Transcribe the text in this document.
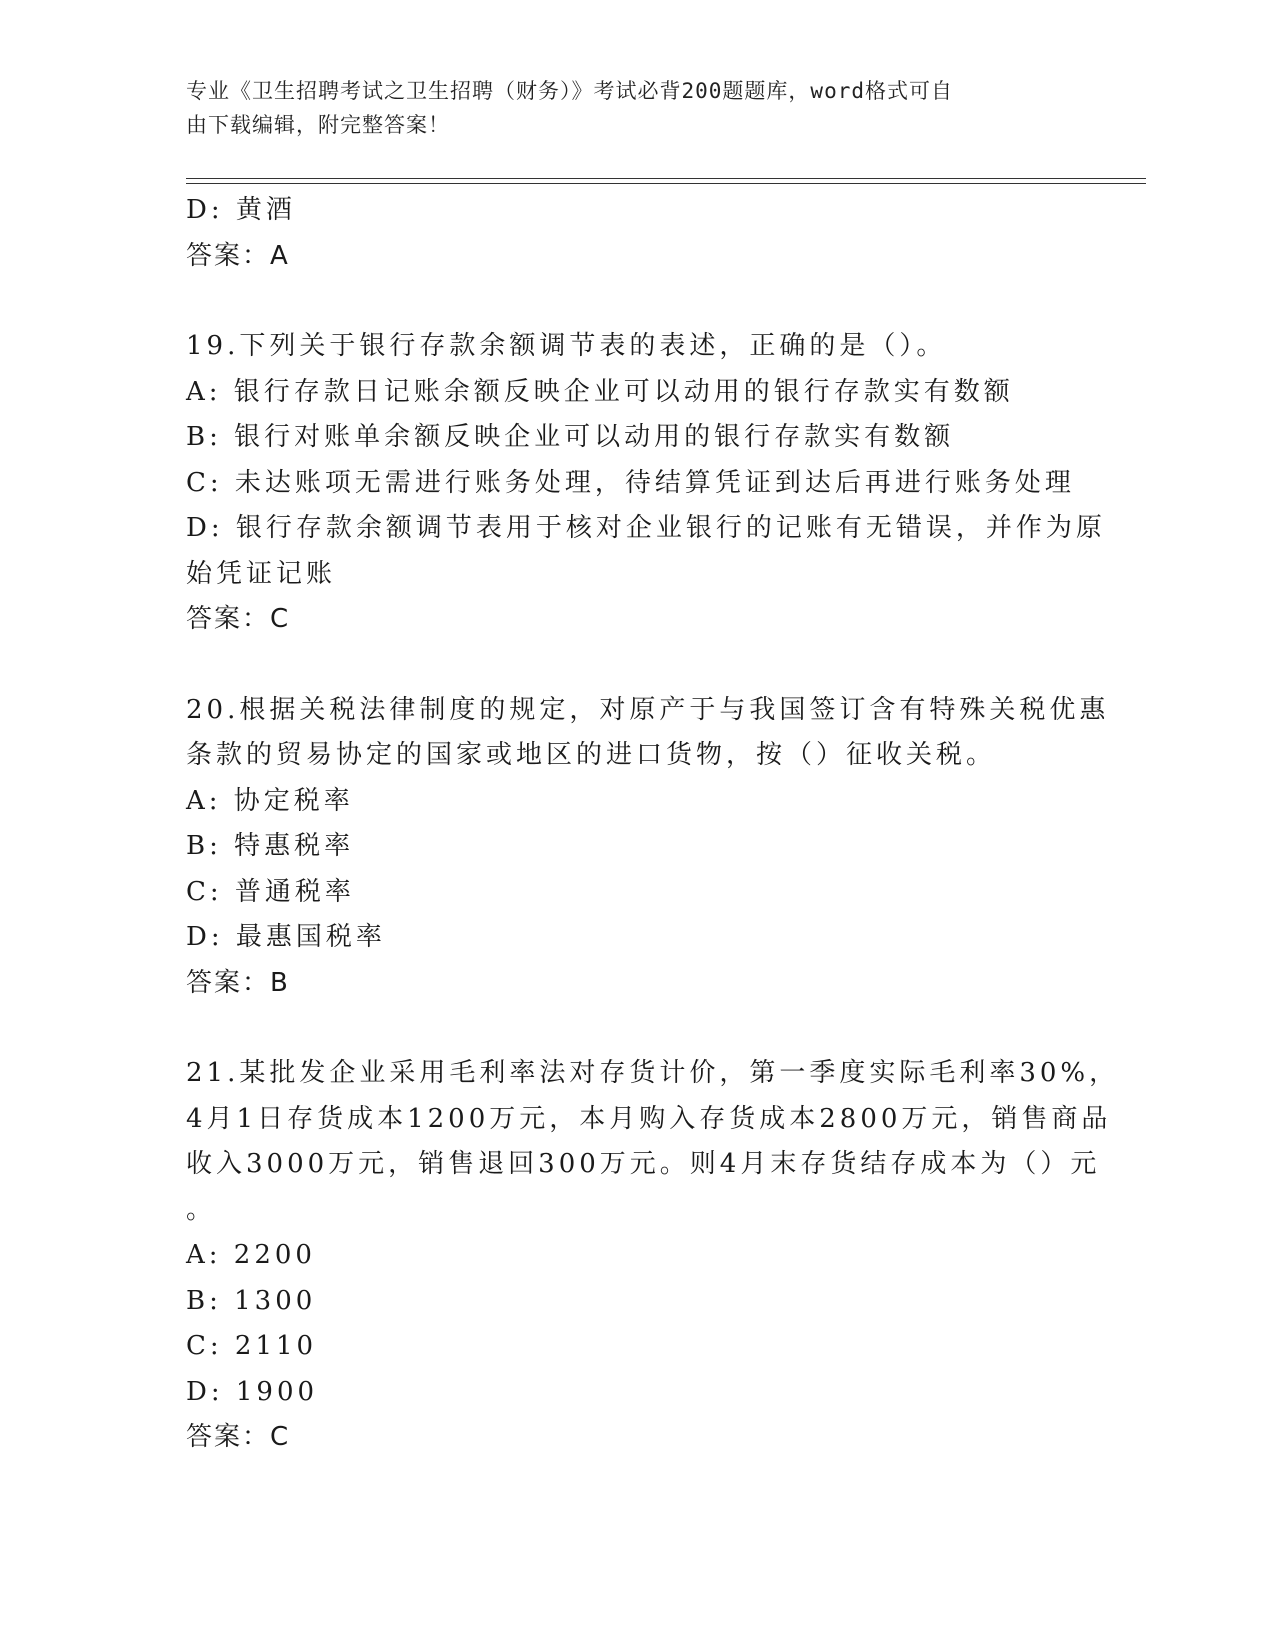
专业《卫生招聘考试之卫生招聘（财务）》考试必背200题题库，word格式可自
由下载编辑，附完整答案！
D: 黄酒
答案：A
19.下列关于银行存款余额调节表的表述，正确的是（）。
A: 银行存款日记账余额反映企业可以动用的银行存款实有数额
B: 银行对账单余额反映企业可以动用的银行存款实有数额
C: 未达账项无需进行账务处理，待结算凭证到达后再进行账务处理
D: 银行存款余额调节表用于核对企业银行的记账有无错误，并作为原
始凭证记账
答案：C
20.根据关税法律制度的规定，对原产于与我国签订含有特殊关税优惠
条款的贸易协定的国家或地区的进口货物，按（）征收关税。
A: 协定税率
B: 特惠税率
C: 普通税率
D: 最惠国税率
答案：B
21.某批发企业采用毛利率法对存货计价，第一季度实际毛利率30%，
4月1日存货成本1200万元，本月购入存货成本2800万元，销售商品
收入3000万元，销售退回300万元。则4月末存货结存成本为（）元
。
A: 2200
B: 1300
C: 2110
D: 1900
答案：C
